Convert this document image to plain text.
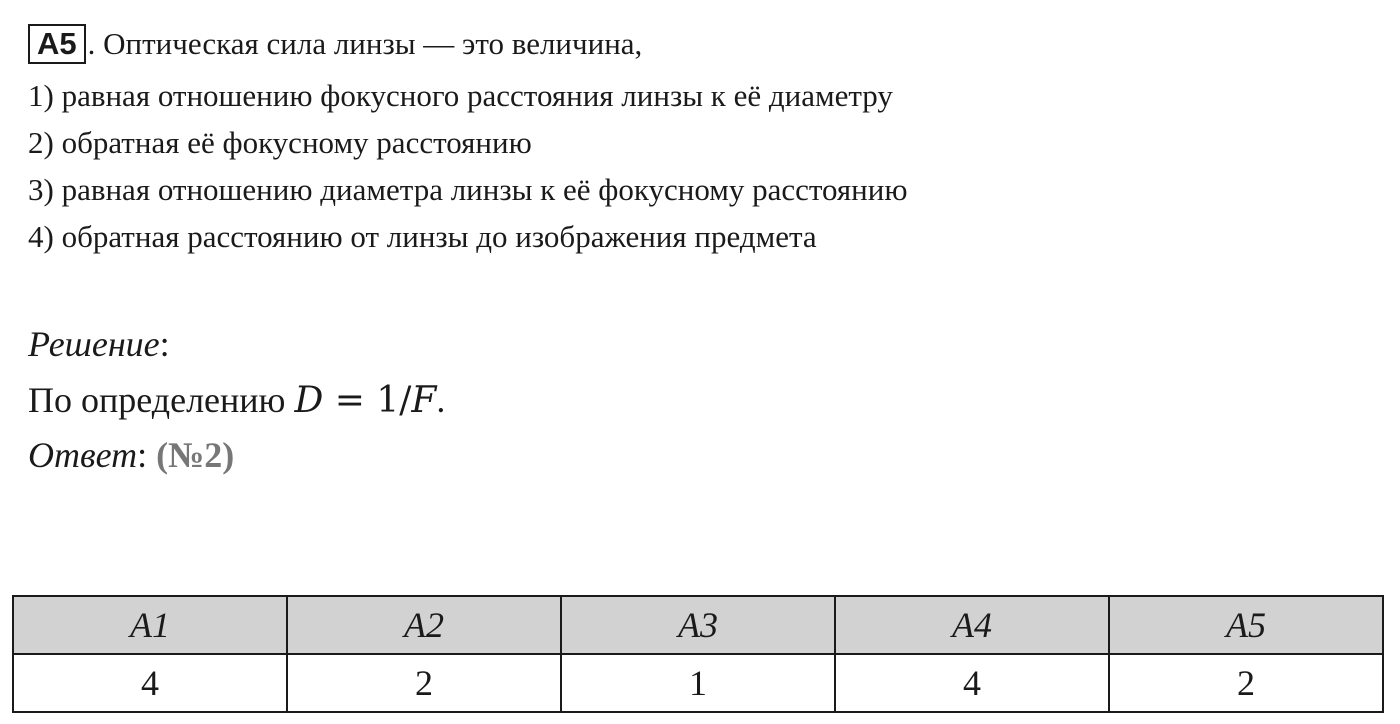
A5 . Оптическая сила линзы — это величина,
1) равная отношению фокусного расстояния линзы к её диаметру
2) обратная её фокусному расстоянию
3) равная отношению диаметра линзы к её фокусному расстоянию
4) обратная расстоянию от линзы до изображения предмета
Решение:
По определению D = 1/F.
Ответ: (№2)
A1	A2	A3	A4	A5
4	2	1	4	2
